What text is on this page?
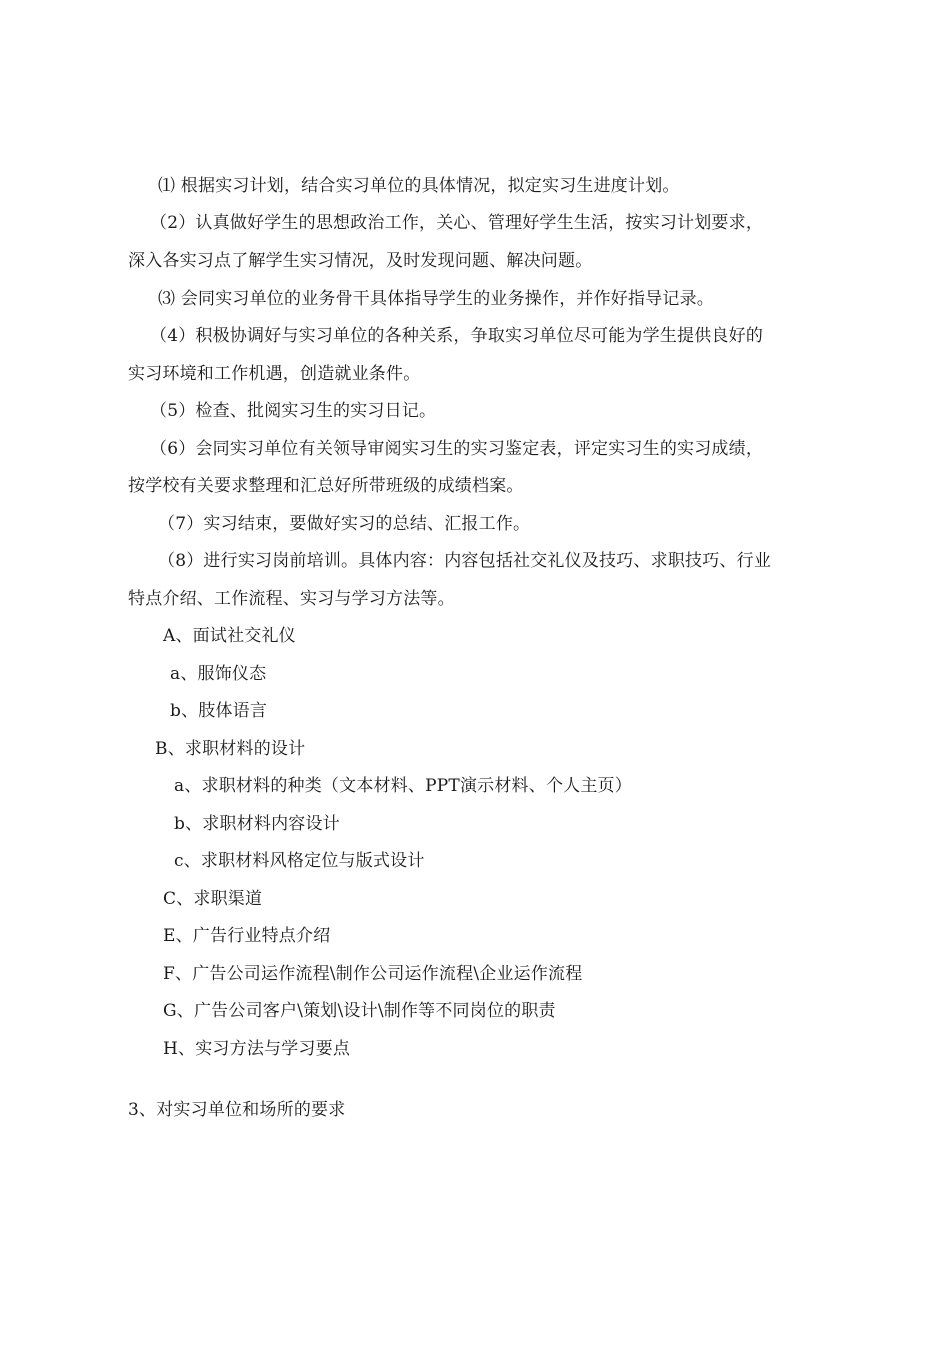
⑴ 根据实习计划，结合实习单位的具体情况，拟定实习生进度计划。
（2）认真做好学生的思想政治工作，关心、管理好学生生活，按实习计划要求，
深入各实习点了解学生实习情况，及时发现问题、解决问题。
⑶ 会同实习单位的业务骨干具体指导学生的业务操作，并作好指导记录。
（4）积极协调好与实习单位的各种关系，争取实习单位尽可能为学生提供良好的
实习环境和工作机遇，创造就业条件。
（5）检查、批阅实习生的实习日记。
（6）会同实习单位有关领导审阅实习生的实习鉴定表，评定实习生的实习成绩，
按学校有关要求整理和汇总好所带班级的成绩档案。
（7）实习结束，要做好实习的总结、汇报工作。
（8）进行实习岗前培训。具体内容：内容包括社交礼仪及技巧、求职技巧、行业
特点介绍、工作流程、实习与学习方法等。
A、面试社交礼仪
a、服饰仪态
b、肢体语言
B、求职材料的设计
a、求职材料的种类（文本材料、PPT演示材料、个人主页）
b、求职材料内容设计
c、求职材料风格定位与版式设计
C、求职渠道
E、广告行业特点介绍
F、广告公司运作流程\制作公司运作流程\企业运作流程
G、广告公司客户\策划\设计\制作等不同岗位的职责
H、实习方法与学习要点
3、对实习单位和场所的要求
